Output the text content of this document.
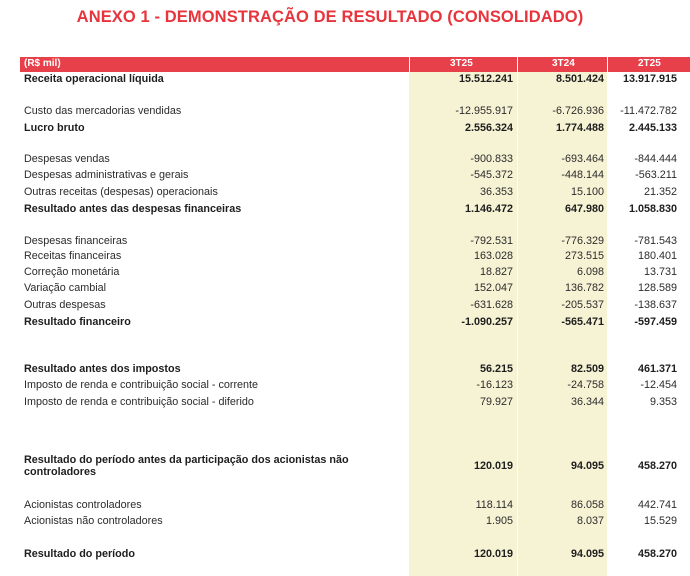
ANEXO 1 - DEMONSTRAÇÃO DE RESULTADO (CONSOLIDADO)
(R$ mil)	3T25	3T24	2T25
Receita operacional líquida	15.512.241	8.501.424 13.917.915
Custo das mercadorias vendidas	-12.955.917	-6.726.936 -11.472.782
Lucro bruto	2.556.324	1.774.488 2.445.133
Despesas vendas	-900.833	-693.464	-844.444
Despesas administrativas e gerais	-545.372	-448.144	-563.211
Outras receitas (despesas) operacionais	36.353	15.100	21.352
Resultado antes das despesas financeiras	1.146.472	647.980 1.058.830
Despesas financeiras	-792.531	-776.329	-781.543
Receitas financeiras	163.028	273.515	180.401
Correção monetária	18.827	6.098	13.731
Variação cambial	152.047	136.782	128.589
Outras despesas	-631.628	-205.537	-138.637
Resultado financeiro	-1.090.257	-565.471	-597.459
Resultado antes dos impostos	56.215	82.509	461.371
Imposto de renda e contribuição social - corrente	-16.123	-24.758	-12.454
Imposto de renda e contribuição social - diferido	79.927	36.344	9.353
Resultado do período antes da participação dos acionistas não controladores	120.019	94.095	458.270
Acionistas controladores	118.114	86.058	442.741
Acionistas não controladores	1.905	8.037	15.529
Resultado do período	120.019	94.095	458.270
